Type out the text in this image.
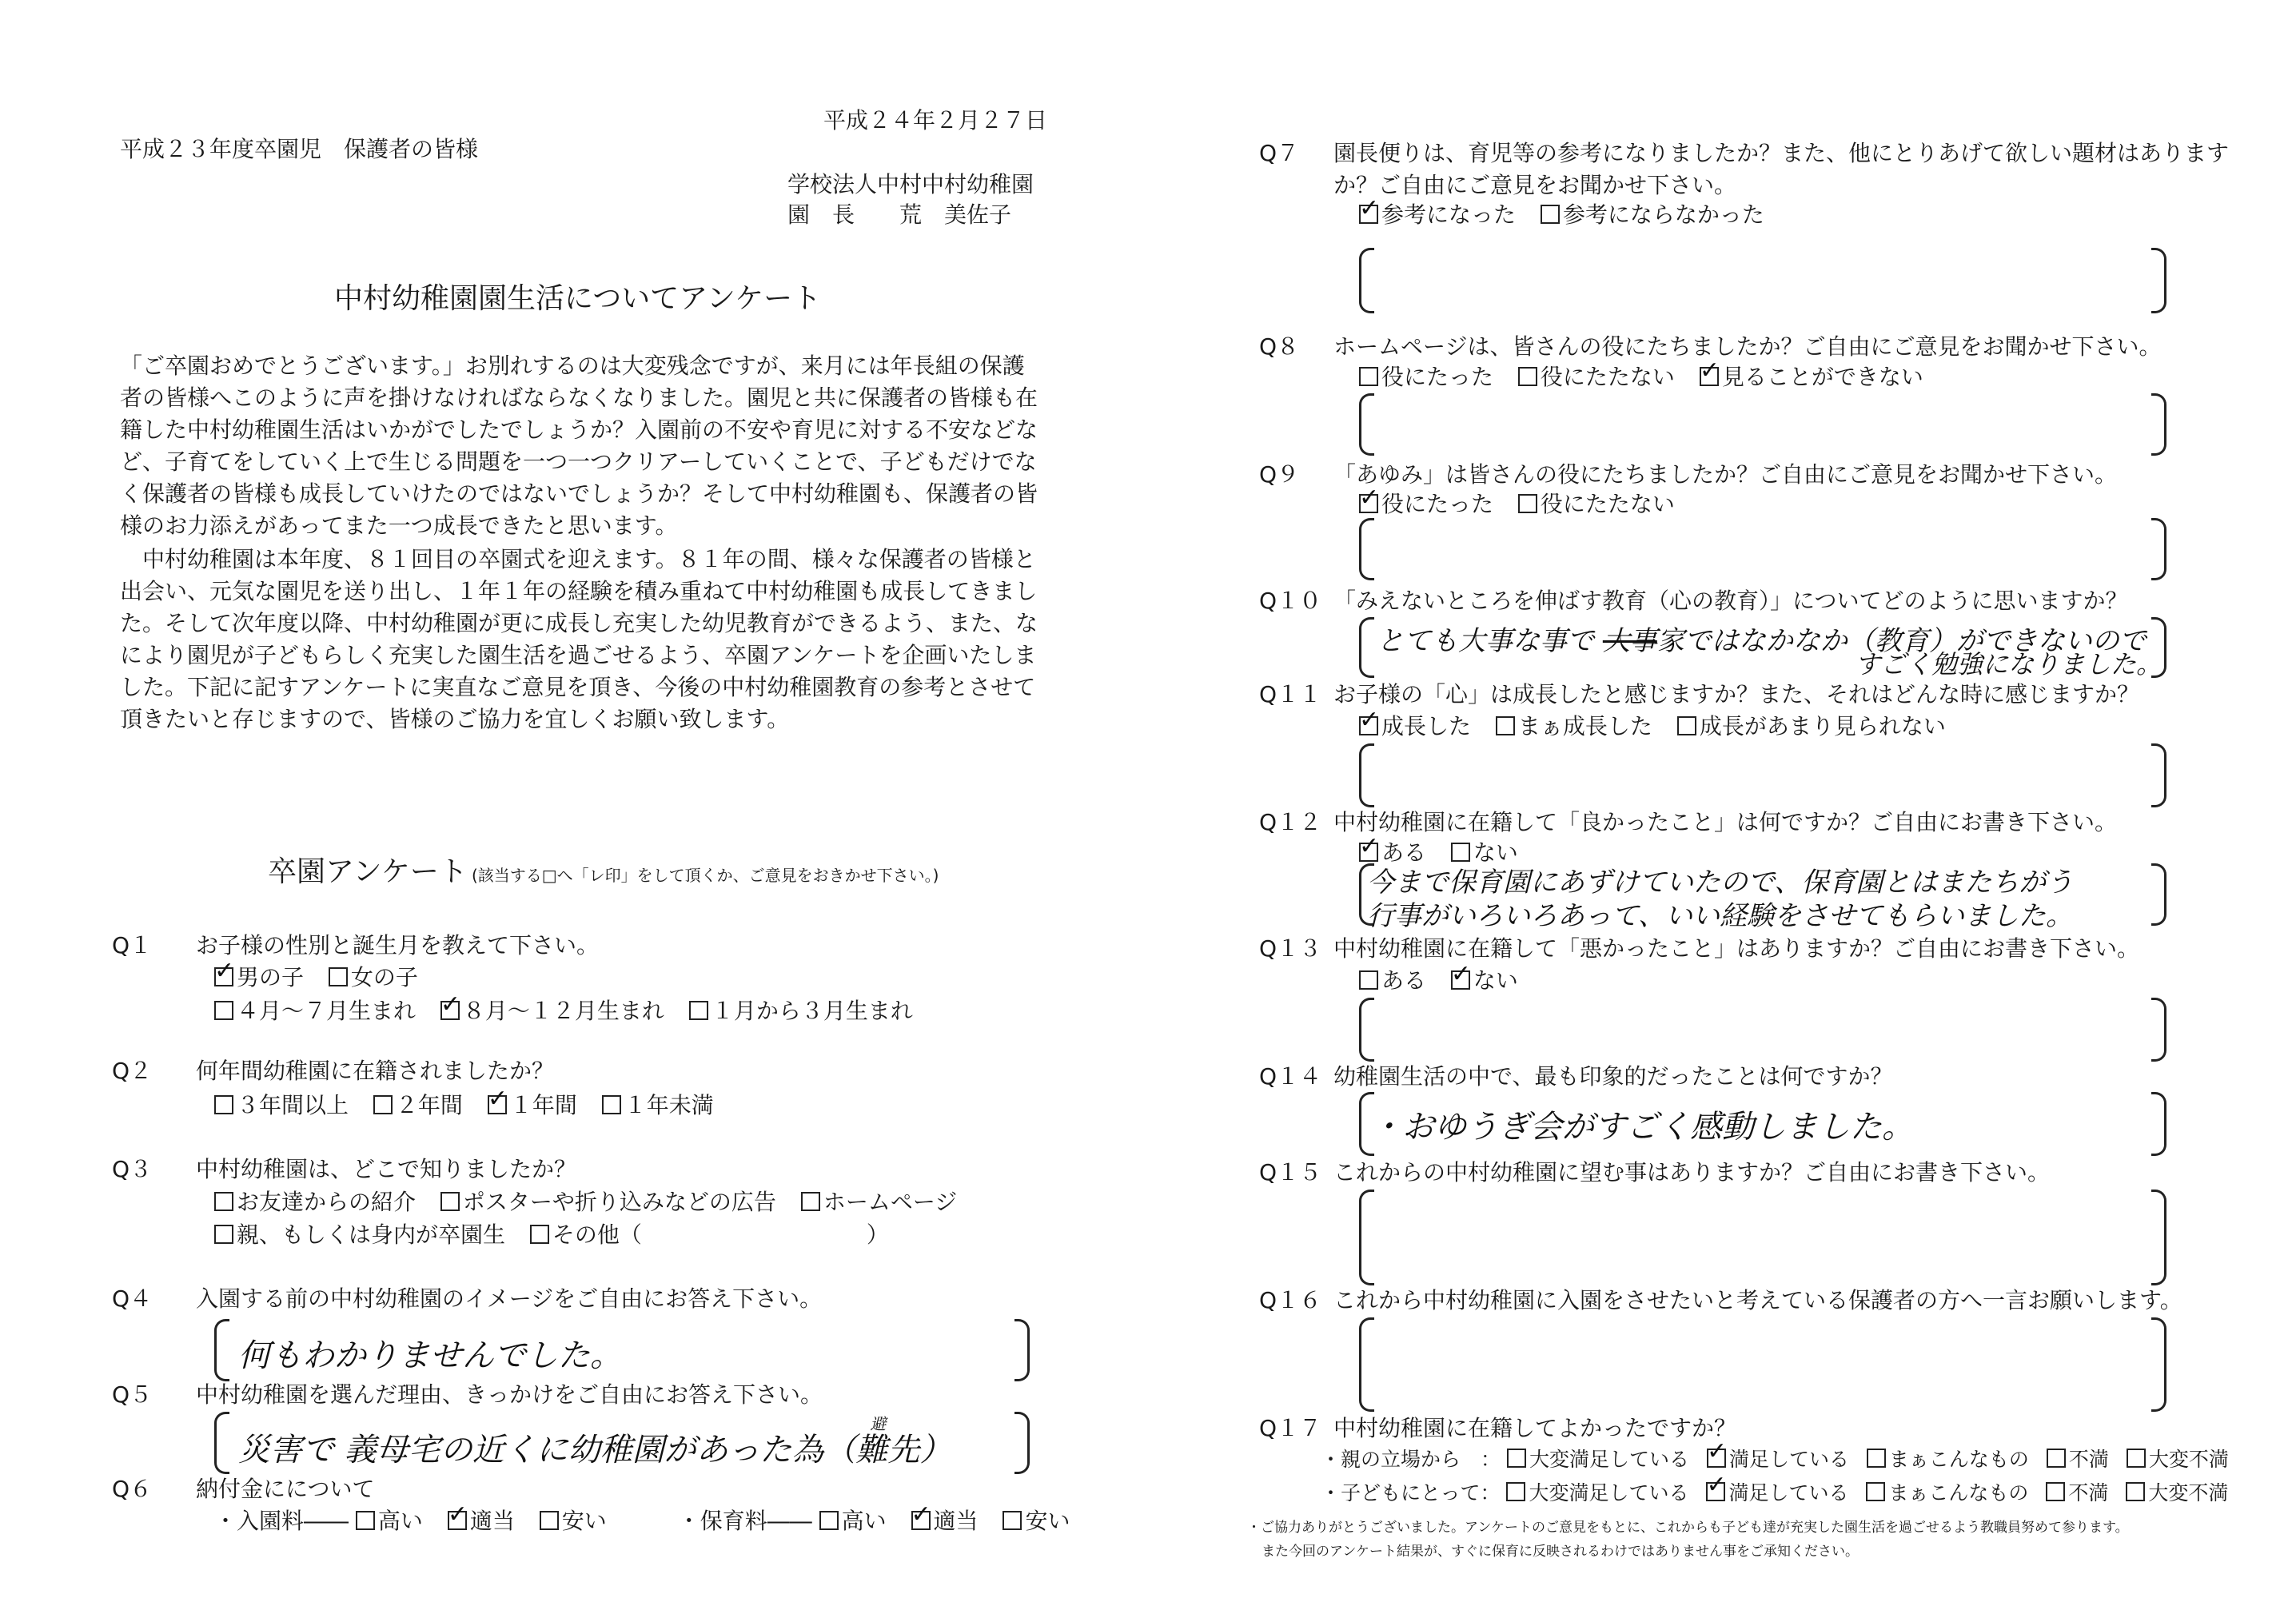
平成２４年２月２７日
平成２３年度卒園児　保護者の皆様
学校法人中村中村幼稚園
園　長　　荒　美佐子
中村幼稚園園生活についてアンケート
「ご卒園おめでとうございます。」お別れするのは大変残念ですが、来月には年長組の保護者の皆様へこのように声を掛けなければならなくなりました。園児と共に保護者の皆様も在籍した中村幼稚園生活はいかがでしたでしょうか？入園前の不安や育児に対する不安などなど、子育てをしていく上で生じる問題を一つ一つクリアーしていくことで、子どもだけでなく保護者の皆様も成長していけたのではないでしょうか？そして中村幼稚園も、保護者の皆様のお力添えがあってまた一つ成長できたと思います。
中村幼稚園は本年度、８１回目の卒園式を迎えます。８１年の間、様々な保護者の皆様と出会い、元気な園児を送り出し、１年１年の経験を積み重ねて中村幼稚園も成長してきました。そして次年度以降、中村幼稚園が更に成長し充実した幼児教育ができるよう、また、なにより園児が子どもらしく充実した園生活を過ごせるよう、卒園アンケートを企画いたしました。下記に記すアンケートに実直なご意見を頂き、今後の中村幼稚園教育の参考とさせて頂きたいと存じますので、皆様のご協力を宜しくお願い致します。
卒園アンケート (該当する□へ「レ印」をして頂くか、ご意見をおきかせ下さい。)
Q１ お子様の性別と誕生月を教えて下さい。
✓男の子 女の子
４月〜７月生まれ ✓ ８月〜１２月生まれ １月から３月生まれ
Q２ 何年間幼稚園に在籍されましたか？
３年間以上 ２年間 ✓ １年間 １年未満
Q３ 中村幼稚園は、どこで知りましたか？
お友達からの紹介 ポスターや折り込みなどの広告 ホームページ
親、もしくは身内が卒園生 その他（	）
Q４ 入園する前の中村幼稚園のイメージをご自由にお答え下さい。
何もわかりませんでした。
Q５ 中村幼稚園を選んだ理由、きっかけをご自由にお答え下さい。
災害で 義母宅の近くに幼稚園があった為（
避
難先）
Q６ 納付金にについて
・入園料―― 高い ✓ 適当 安い	・保育料―― 高い ✓ 適当 安い
Q７ 園長便りは、育児等の参考になりましたか？また、他にとりあげて欲しい題材はあります
か？ご自由にご意見をお聞かせ下さい。
✓参考になった 参考にならなかった
Q８ ホームページは、皆さんの役にたちましたか？ご自由にご意見をお聞かせ下さい。
役にたった 役にたたない ✓ 見ることができない
Q９ 「あゆみ」は皆さんの役にたちましたか？ご自由にご意見をお聞かせ下さい。
✓役にたった 役にたたない
Q１０ 「みえないところを伸ばす教育（心の教育）」についてどのように思いますか？
とても大事な事で 大事家ではなかなか（教育）ができないので
すごく勉強になりました。
Q１１ お子様の「心」は成長したと感じますか？また、それはどんな時に感じますか？
✓成長した まぁ成長した 成長があまり見られない
Q１２ 中村幼稚園に在籍して「良かったこと」は何ですか？ご自由にお書き下さい。
✓ある ない
今まで保育園にあずけていたので、保育園とはまたちがう
行事がいろいろあって、いい経験をさせてもらいました。
Q１３ 中村幼稚園に在籍して「悪かったこと」はありますか？ご自由にお書き下さい。
ある ✓ ない
Q１４ 幼稚園生活の中で、最も印象的だったことは何ですか？
・おゆうぎ会がすごく感動しました。
Q１５ これからの中村幼稚園に望む事はありますか？ご自由にお書き下さい。
Q１６ これから中村幼稚園に入園をさせたいと考えている保護者の方へ一言お願いします。
Q１７ 中村幼稚園に在籍してよかったですか？
・親の立場から　： 大変満足している ✓ 満足している まぁこんなもの 不満 大変不満
・子どもにとって： 大変満足している ✓ 満足している まぁこんなもの 不満 大変不満
・ご協力ありがとうございました。アンケートのご意見をもとに、これからも子ども達が充実した園生活を過ごせるよう教職員努めて参ります。
また今回のアンケート結果が、すぐに保育に反映されるわけではありません事をご承知ください。
